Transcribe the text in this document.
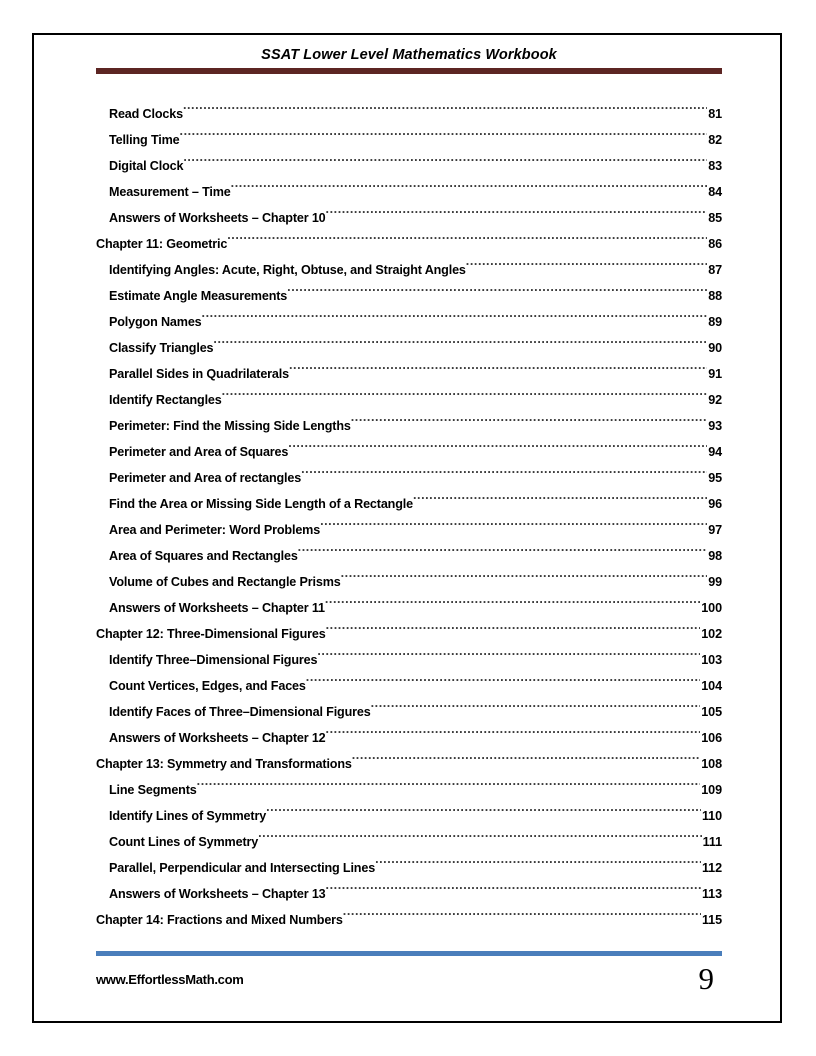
SSAT Lower Level Mathematics Workbook
Read Clocks .....	81
Telling Time .....	82
Digital Clock .....	83
Measurement – Time .....	84
Answers of Worksheets – Chapter 10 .....	85
Chapter 11: Geometric .....	86
Identifying Angles: Acute, Right, Obtuse, and Straight Angles .....	87
Estimate Angle Measurements .....	88
Polygon Names .....	89
Classify Triangles .....	90
Parallel Sides in Quadrilaterals .....	91
Identify Rectangles .....	92
Perimeter: Find the Missing Side Lengths .....	93
Perimeter and Area of Squares .....	94
Perimeter and Area of rectangles .....	95
Find the Area or Missing Side Length of a Rectangle .....	96
Area and Perimeter: Word Problems .....	97
Area of Squares and Rectangles .....	98
Volume of Cubes and Rectangle Prisms .....	99
Answers of Worksheets – Chapter 11 .....	100
Chapter 12: Three-Dimensional Figures .....	102
Identify Three–Dimensional Figures .....	103
Count Vertices, Edges, and Faces .....	104
Identify Faces of Three–Dimensional Figures .....	105
Answers of Worksheets – Chapter 12 .....	106
Chapter 13: Symmetry and Transformations .....	108
Line Segments .....	109
Identify Lines of Symmetry .....	110
Count Lines of Symmetry .....	111
Parallel, Perpendicular and Intersecting Lines .....	112
Answers of Worksheets – Chapter 13 .....	113
Chapter 14: Fractions and Mixed Numbers .....	115
www.EffortlessMath.com	9
